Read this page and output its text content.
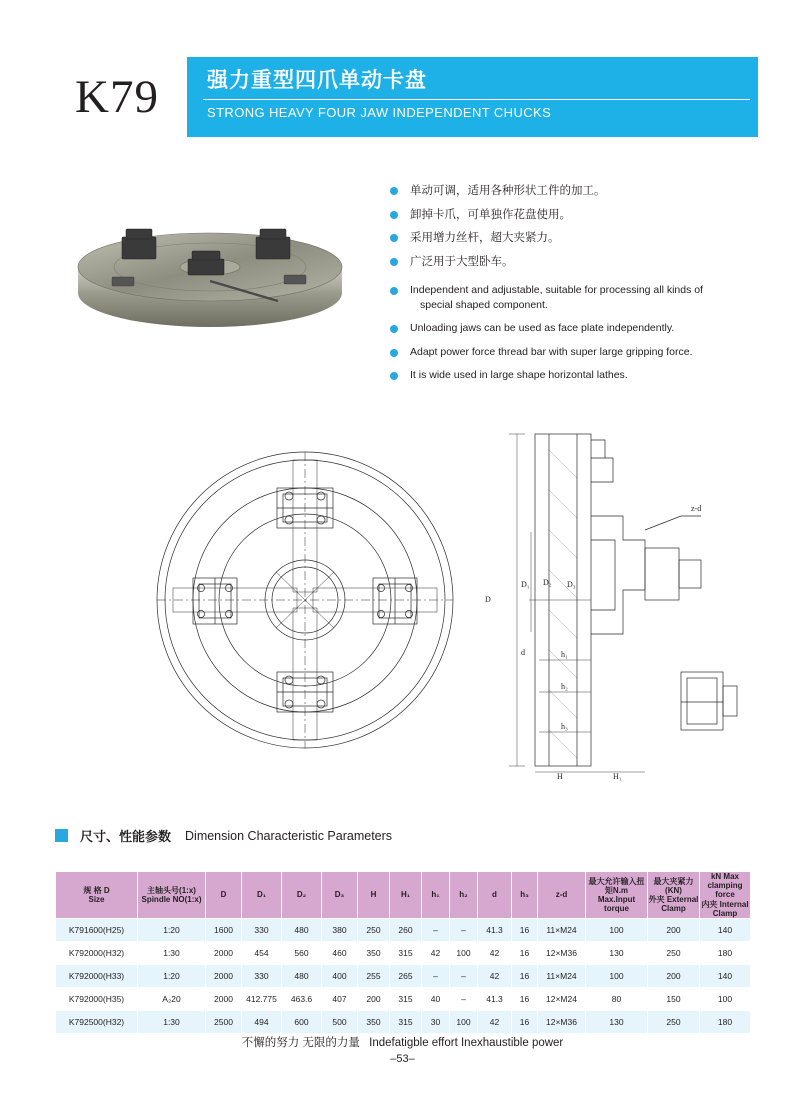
K79 强力重型四爪单动卡盘
STRONG HEAVY FOUR JAW INDEPENDENT CHUCKS
单动可调，适用各种形状工件的加工。
卸掉卡爪，可单独作花盘使用。
采用增力丝杆，超大夹紧力。
广泛用于大型卧车。
Independent and adjustable, suitable for processing all kinds of
special shaped component.
Unloading jaws can be used as face plate independently.
Adapt power force thread bar with super large gripping force.
It is wide used in large shape horizontal lathes.
D
D₁ D₂ D₃
d	h₁
h₂
h₃
z-d
H	H₁
尺寸、性能参数 Dimension Characteristic Parameters
规 格 D
Size	主轴头号(1:x)
Spindle NO(1:x)	D	D₁	D₂	D₃	H	H₁	h₁	h₂	d	h₃	z-d	最大允许输入扭矩N.m
Max.Input torque	最大夹紧力(KN)
外夹 External Clamp	kN Max clamping force
内夹 Internal Clamp

K791600(H25)	1:20	1600	330	480	380	250	260	–	–	41.3	16	11×M24	100	200	140
K792000(H32)	1:30	2000	454	560	460	350	315	42	100	42	16	12×M36	130	250	180
K792000(H33)	1:20	2000	330	480	400	255	265	–	–	42	16	11×M24	100	200	140
K792000(H35)	A₂20	2000	412.775	463.6	407	200	315	40	–	41.3	16	12×M24	80	150	100
K792500(H32)	1:30	2500	494	600	500	350	315	30	100	42	16	12×M36	130	250	180
不懈的努力 无限的力量 Indefatigble effort Inexhaustible power
–53–
